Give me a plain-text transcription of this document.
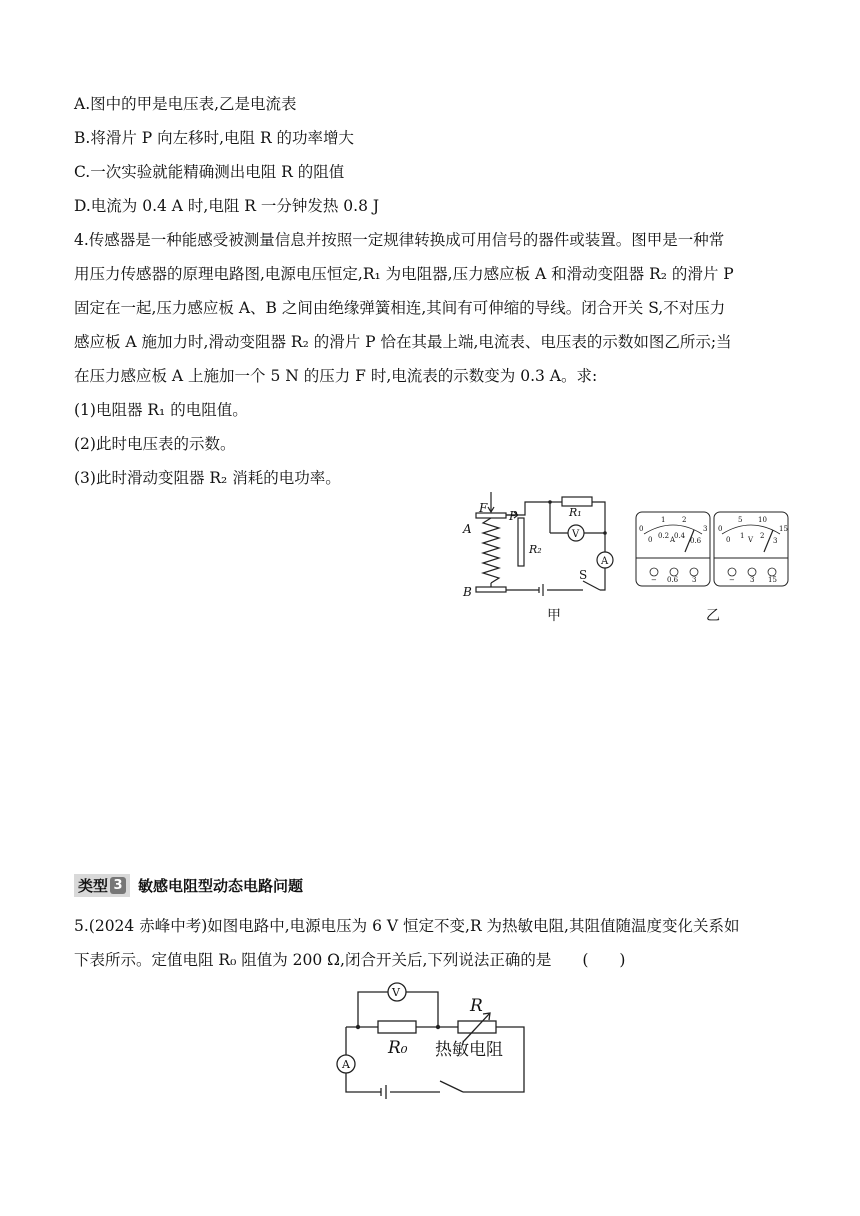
A.图中的甲是电压表,乙是电流表
B.将滑片 P 向左移时,电阻 R 的功率增大
C.一次实验就能精确测出电阻 R 的阻值
D.电流为 0.4 A 时,电阻 R 一分钟发热 0.8 J
4.传感器是一种能感受被测量信息并按照一定规律转换成可用信号的器件或装置。图甲是一种常
用压力传感器的原理电路图,电源电压恒定,R₁ 为电阻器,压力感应板 A 和滑动变阻器 R₂ 的滑片 P
固定在一起,压力感应板 A、B 之间由绝缘弹簧相连,其间有可伸缩的导线。闭合开关 S,不对压力
感应板 A 施加力时,滑动变阻器 R₂ 的滑片 P 恰在其最上端,电流表、电压表的示数如图乙所示;当
在压力感应板 A 上施加一个 5 N 的压力 F 时,电流表的示数变为 0.3 A。求:
(1)电阻器 R₁ 的电阻值。
(2)此时电压表的示数。
(3)此时滑动变阻器 R₂ 消耗的电功率。
A
B
F
P
R₂
R₁
V
A
S
甲
0
1 2
3
0 0.2 0.4
0.6
A
− 0.6 3
0
5 10
15
0 1 2
3
V
− 3 15
乙
类型 3 敏感电阻型动态电路问题
5.(2024 赤峰中考)如图电路中,电源电压为 6 V 恒定不变,R 为热敏电阻,其阻值随温度变化关系如
下表所示。定值电阻 R₀ 阻值为 200 Ω,闭合开关后,下列说法正确的是　　(　　)
V
A
R₀
R
热敏电阻
